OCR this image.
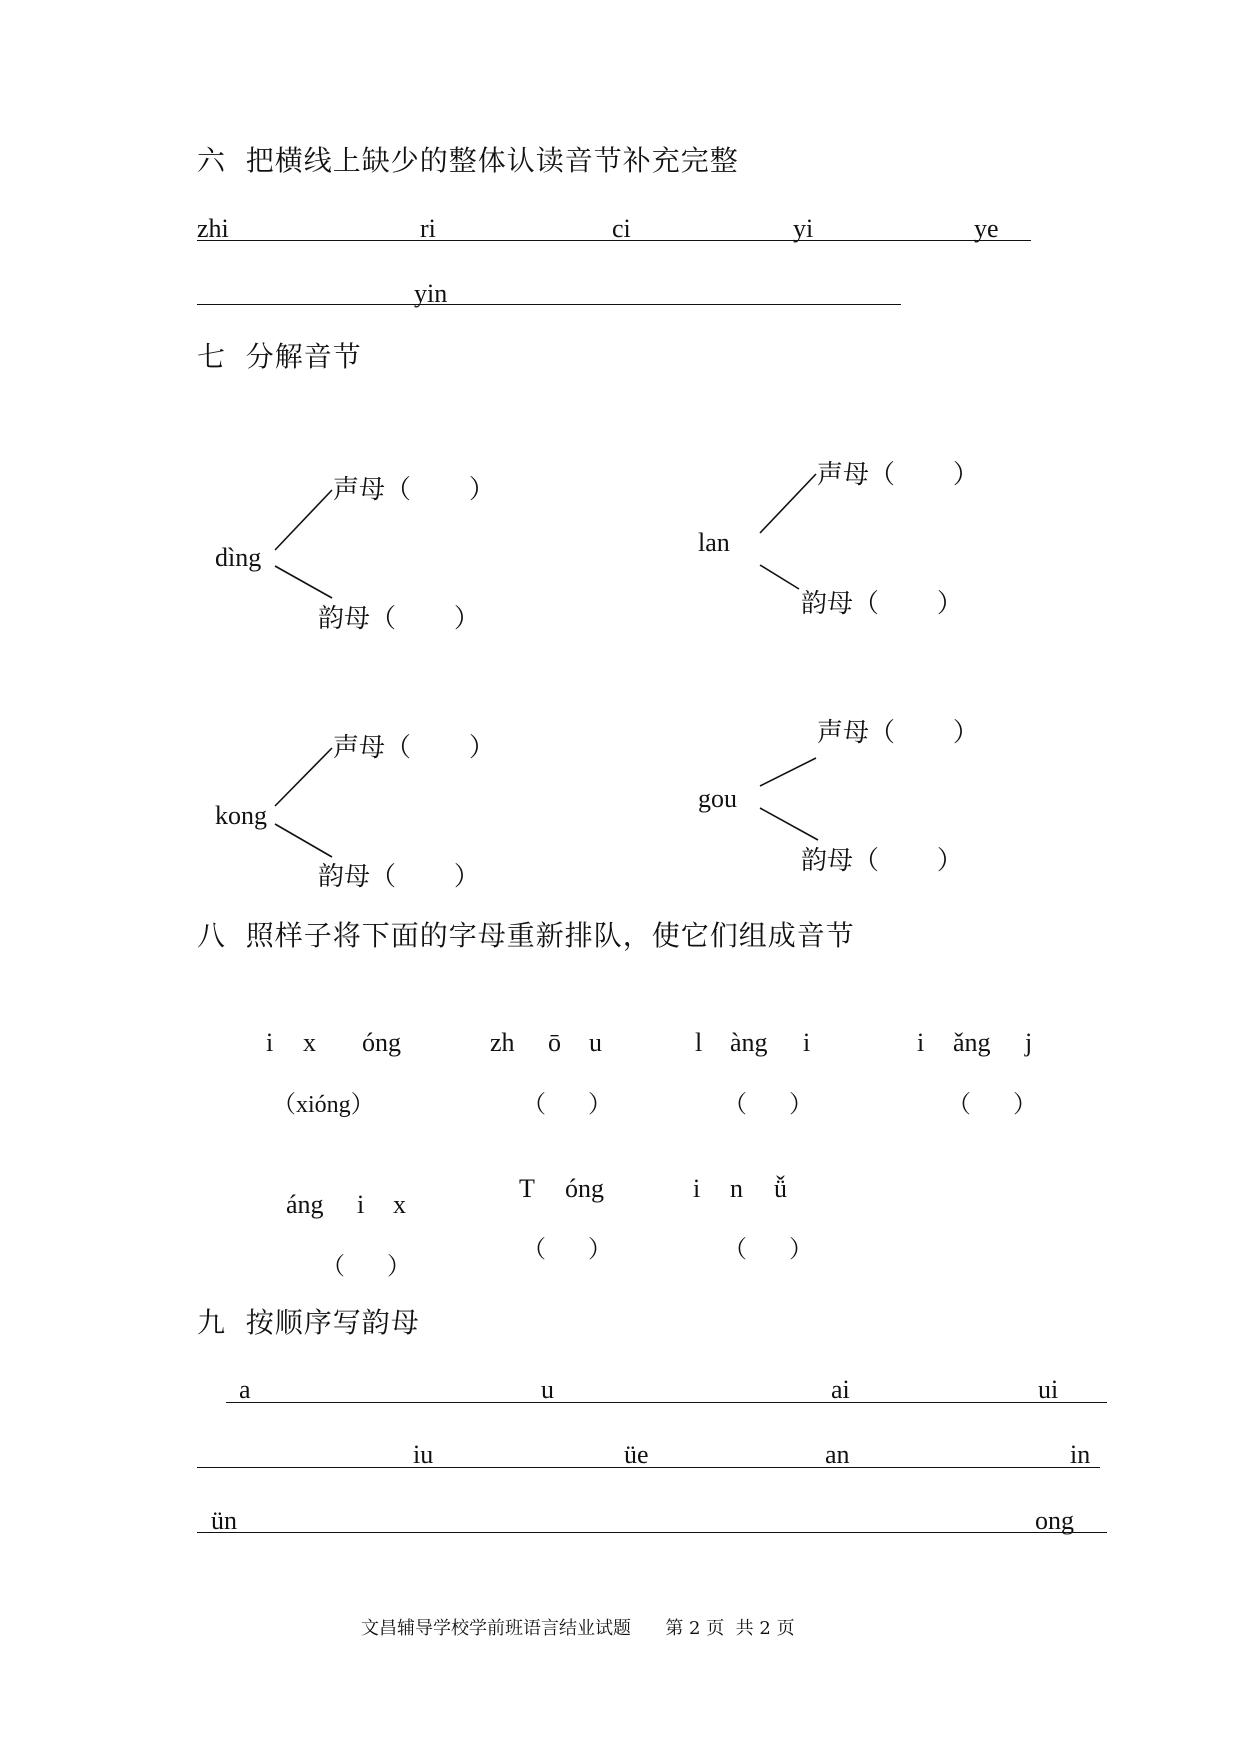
六  把横线上缺少的整体认读音节补充完整
zhi	ri	ci	yi	ye
yin
七  分解音节
dìng
声母（       ）
韵母（       ）
lan
声母（       ）
韵母（       ）
kong
声母（       ）
韵母（       ）
gou
声母（       ）
韵母（       ）
八  照样子将下面的字母重新排队，使它们组成音节
i x óng
（xióng）
zh ō u
（       ）
l àng i
（       ）
i ǎng j
（       ）
áng i x
（       ）
T óng
（       ）
i n ǚ
（       ）
九  按顺序写韵母
a	u	ai	ui
iu	üe	an	in
ün	ong
文昌辅导学校学前班语言结业试题      第 2 页  共 2 页
